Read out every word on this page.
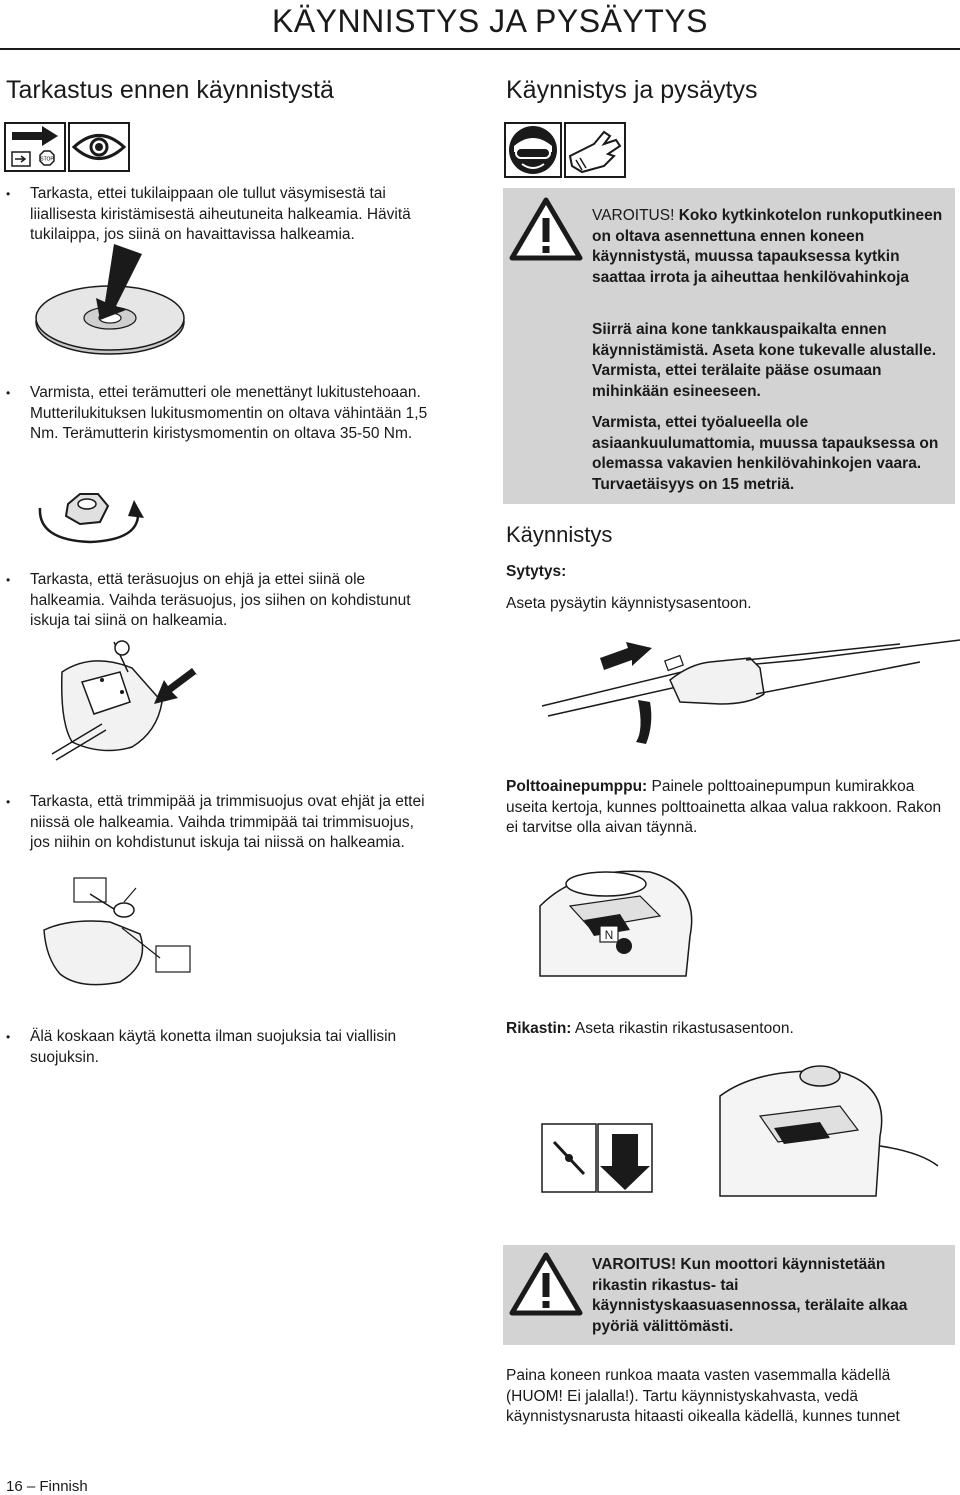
KÄYNNISTYS JA PYSÄYTYS
Tarkastus ennen käynnistystä
STOP
• Tarkasta, ettei tukilaippaan ole tullut väsymisestä tai liiallisesta kiristämisestä aiheutuneita halkeamia. Hävitä tukilaippa, jos siinä on havaittavissa halkeamia.
• Varmista, ettei terämutteri ole menettänyt lukitustehoaan. Mutterilukituksen lukitusmomentin on oltava vähintään 1,5 Nm. Terämutterin kiristysmomentin on oltava 35-50 Nm.
• Tarkasta, että teräsuojus on ehjä ja ettei siinä ole halkeamia. Vaihda teräsuojus, jos siihen on kohdistunut iskuja tai siinä on halkeamia.
• Tarkasta, että trimmipää ja trimmisuojus ovat ehjät ja ettei niissä ole halkeamia. Vaihda trimmipää tai trimmisuojus, jos niihin on kohdistunut iskuja tai niissä on halkeamia.
• Älä koskaan käytä konetta ilman suojuksia tai viallisin suojuksin.
Käynnistys ja pysäytys
VAROITUS! Koko kytkinkotelon runkoputkineen on oltava asennettuna ennen koneen käynnistystä, muussa tapauksessa kytkin saattaa irrota ja aiheuttaa henkilövahinkoja
Siirrä aina kone tankkauspaikalta ennen käynnistämistä. Aseta kone tukevalle alustalle. Varmista, ettei terälaite pääse osumaan mihinkään esineeseen.
Varmista, ettei työalueella ole asiaankuulumattomia, muussa tapauksessa on olemassa vakavien henkilövahinkojen vaara. Turvaetäisyys on 15 metriä.
Käynnistys
Sytytys:
Aseta pysäytin käynnistysasentoon.
Polttoainepumppu: Painele polttoainepumpun kumirakkoa useita kertoja, kunnes polttoainetta alkaa valua rakkoon. Rakon ei tarvitse olla aivan täynnä.
N
Rikastin: Aseta rikastin rikastusasentoon.
VAROITUS! Kun moottori käynnistetään rikastin rikastus- tai käynnistyskaasuasennossa, terälaite alkaa pyöriä välittömästi.
Paina koneen runkoa maata vasten vasemmalla kädellä (HUOM! Ei jalalla!). Tartu käynnistyskahvasta, vedä käynnistysnarusta hitaasti oikealla kädellä, kunnes tunnet
16 – Finnish
